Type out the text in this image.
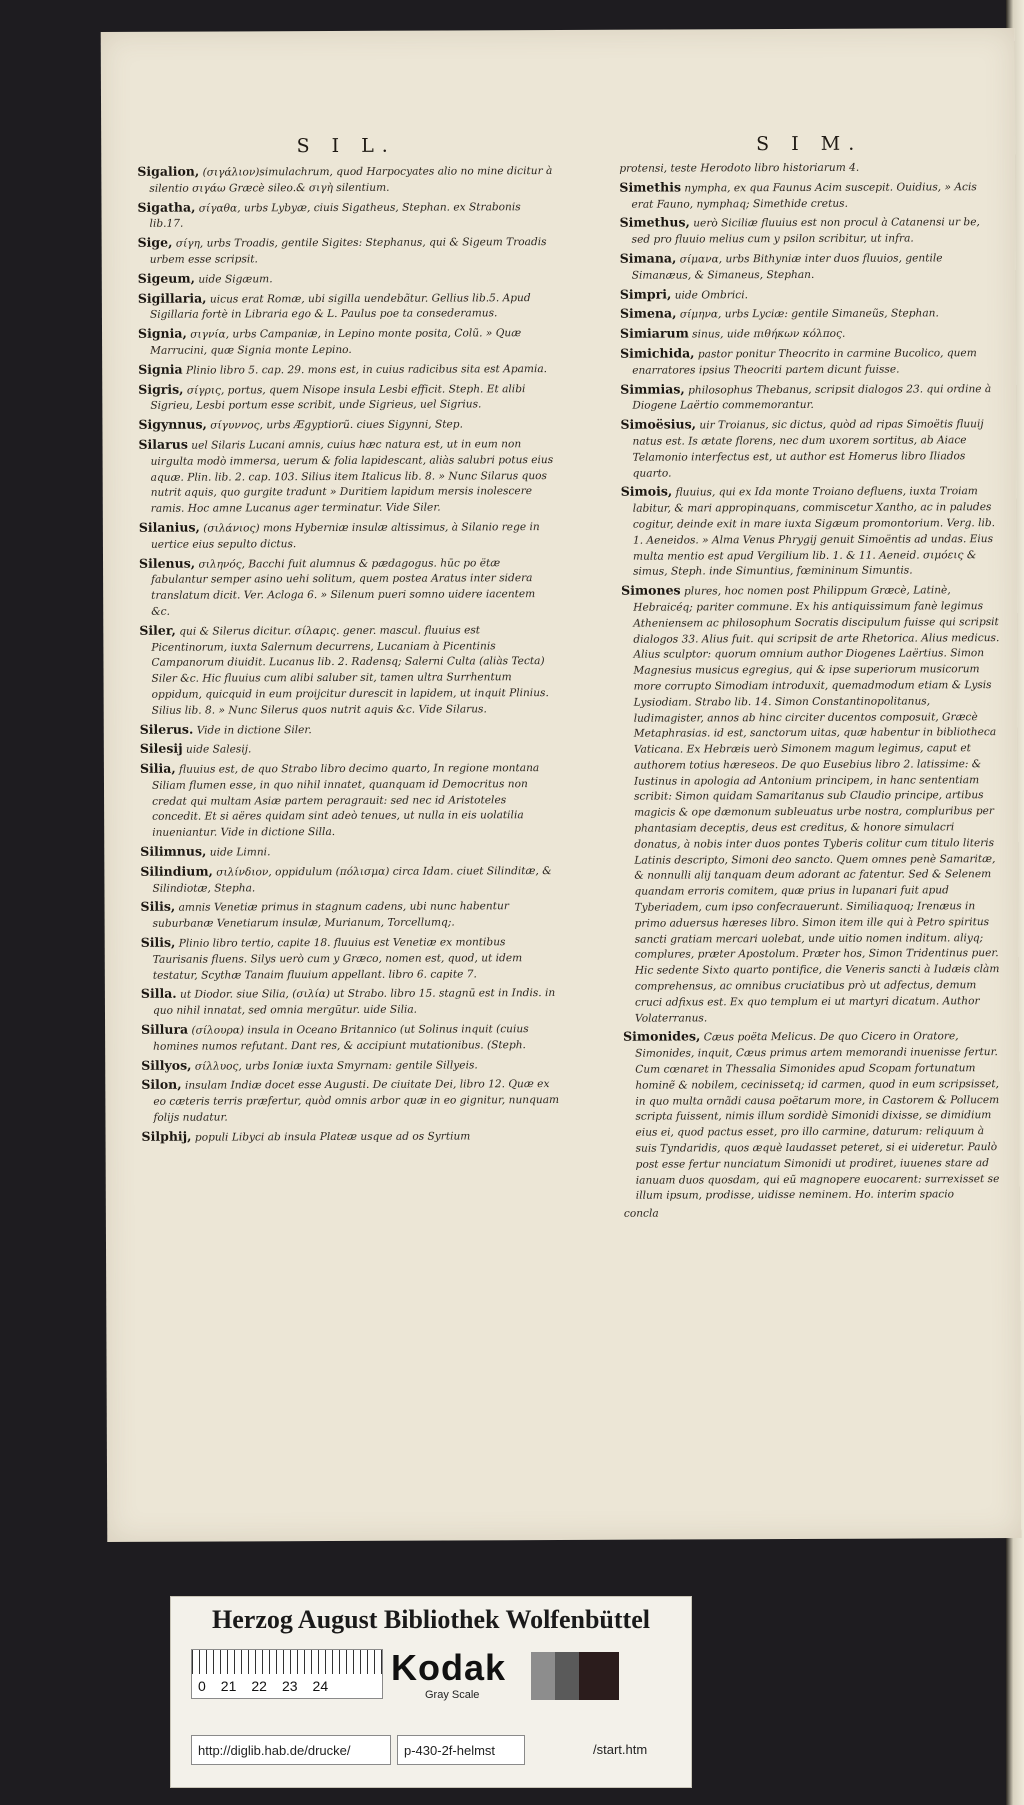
S I L.

Sigalion, (σιγάλιον)simulachrum, quod Harpocyates alio no mine dicitur à silentio σιγάω Græcè sileo.& σιγὴ silentium.

Sigatha, σίγαθα, urbs Lybyæ, ciuis Sigatheus, Stephan. ex Strabonis lib.17.

Sige, σίγη, urbs Troadis, gentile Sigites: Stephanus, qui & Sigeum Troadis urbem esse scripsit.

Sigeum, uide Sigæum.

Sigillaria, uicus erat Romæ, ubi sigilla uendebãtur. Gellius lib.5. Apud Sigillaria fortè in Libraria ego & L. Paulus poe ta consederamus.

Signia, σιγνία, urbs Campaniæ, in Lepino monte posita, Colũ. » Quæ Marrucini, quæ Signia monte Lepino.

Signia Plinio libro 5. cap. 29. mons est, in cuius radicibus sita est Apamia.

Sigris, σίγρις, portus, quem Nisope insula Lesbi efficit. Steph. Et alibi Sigrieu, Lesbi portum esse scribit, unde Sigrieus, uel Sigrius.

Sigynnus, σίγυννος, urbs Ægyptiorũ. ciues Sigynni, Step.

Silarus uel Silaris Lucani amnis, cuius hæc natura est, ut in eum non uirgulta modò immersa, uerum & folia lapidescant, aliàs salubri potus eius aquæ. Plin. lib. 2. cap. 103. Silius item Italicus lib. 8. » Nunc Silarus quos nutrit aquis, quo gurgite tradunt » Duritiem lapidum mersis inolescere ramis. Hoc amne Lucanus ager terminatur. Vide Siler.

Silanius, (σιλάνιος) mons Hyberniæ insulæ altissimus, à Silanio rege in uertice eius sepulto dictus.

Silenus, σιληνός, Bacchi fuit alumnus & pædagogus. hūc po ëtæ fabulantur semper asino uehi solitum, quem postea Aratus inter sidera translatum dicit. Ver. Acloga 6. » Silenum pueri somno uidere iacentem &c.

Siler, qui & Silerus dicitur. σίλαρις. gener. mascul. fluuius est Picentinorum, iuxta Salernum decurrens, Lucaniam à Picentinis Campanorum diuidit. Lucanus lib. 2. Radensq; Salerni Culta (aliàs Tecta) Siler &c. Hic fluuius cum alibi saluber sit, tamen ultra Surrhentum oppidum, quicquid in eum proijcitur durescit in lapidem, ut inquit Plinius. Silius lib. 8. » Nunc Silerus quos nutrit aquis &c. Vide Silarus.

Silerus. Vide in dictione Siler.

Silesij uide Salesij.

Silia, fluuius est, de quo Strabo libro decimo quarto, In regione montana Siliam flumen esse, in quo nihil innatet, quanquam id Democritus non credat qui multam Asiæ partem peragrauit: sed nec id Aristoteles concedit. Et si aëres quidam sint adeò tenues, ut nulla in eis uolatilia inueniantur. Vide in dictione Silla.

Silimnus, uide Limni.

Silindium, σιλίνδιον, oppidulum (πόλισμα) circa Idam. ciuet Silinditæ, & Silindiotæ, Stepha.

Silis, amnis Venetiæ primus in stagnum cadens, ubi nunc habentur suburbanæ Venetiarum insulæ, Murianum, Torcellumq;.

Silis, Plinio libro tertio, capite 18. fluuius est Venetiæ ex montibus Taurisanis fluens. Silys uerò cum y Græco, nomen est, quod, ut idem testatur, Scythæ Tanaim fluuium appellant. libro 6. capite 7.

Silla. ut Diodor. siue Silia, (σιλία) ut Strabo. libro 15. stagnū est in Indis. in quo nihil innatat, sed omnia mergūtur. uide Silia.

Sillura (σίλουρα) insula in Oceano Britannico (ut Solinus inquit (cuius homines numos refutant. Dant res, & accipiunt mutationibus. (Steph.

Sillyos, σίλλυος, urbs Ioniæ iuxta Smyrnam: gentile Sillyeis.

Silon, insulam Indiæ docet esse Augusti. De ciuitate Dei, libro 12. Quæ ex eo cæteris terris præfertur, quòd omnis arbor quæ in eo gignitur, nunquam folijs nudatur.

Silphij, populi Libyci ab insula Plateæ usque ad os Syrtium

S I M.

protensi, teste Herodoto libro historiarum 4.

Simethis nympha, ex qua Faunus Acim suscepit. Ouidius, » Acis erat Fauno, nymphaq; Simethide cretus.

Simethus, uerò Siciliæ fluuius est non procul à Catanensi ur be, sed pro fluuio melius cum y psilon scribitur, ut infra.

Simana, σίμανα, urbs Bithyniæ inter duos fluuios, gentile Simanæus, & Simaneus, Stephan.

Simpri, uide Ombrici.

Simena, σίμηνα, urbs Lyciæ: gentile Simaneũs, Stephan.

Simiarum sinus, uide πιθήκων κόλπος.

Simichida, pastor ponitur Theocrito in carmine Bucolico, quem enarratores ipsius Theocriti partem dicunt fuisse.

Simmias, philosophus Thebanus, scripsit dialogos 23. qui ordine à Diogene Laërtio commemorantur.

Simoësius, uir Troianus, sic dictus, quòd ad ripas Simoëtis fluuij natus est. Is ætate florens, nec dum uxorem sortitus, ab Aiace Telamonio interfectus est, ut author est Homerus libro Iliados quarto.

Simois, fluuius, qui ex Ida monte Troiano defluens, iuxta Troiam labitur, & mari appropinquans, commiscetur Xantho, ac in paludes cogitur, deinde exit in mare iuxta Sigæum promontorium. Verg. lib. 1. Aeneidos. » Alma Venus Phrygij genuit Simoëntis ad undas. Eius multa mentio est apud Vergilium lib. 1. & 11. Aeneid. σιμόεις & simus, Steph. inde Simuntius, fœmininum Simuntis.

Simones plures, hoc nomen post Philippum Græcè, Latinè, Hebraicéq; pariter commune. Ex his antiquissimum fanè legimus Atheniensem ac philosophum Socratis discipulum fuisse qui scripsit dialogos 33. Alius fuit. qui scripsit de arte Rhetorica. Alius medicus. Alius sculptor: quorum omnium author Diogenes Laërtius. Simon Magnesius musicus egregius, qui & ipse superiorum musicorum more corrupto Simodiam introduxit, quemadmodum etiam & Lysis Lysiodiam. Strabo lib. 14. Simon Constantinopolitanus, ludimagister, annos ab hinc circiter ducentos composuit, Græcè Metaphrasias. id est, sanctorum uitas, quæ habentur in bibliotheca Vaticana. Ex Hebræis uerò Simonem magum legimus, caput et authorem totius hæreseos. De quo Eusebius libro 2. latissime: & Iustinus in apologia ad Antonium principem, in hanc sententiam scribit: Simon quidam Samaritanus sub Claudio principe, artibus magicis & ope dæmonum subleuatus urbe nostra, compluribus per phantasiam deceptis, deus est creditus, & honore simulacri donatus, à nobis inter duos pontes Tyberis colitur cum titulo literis Latinis descripto, Simoni deo sancto. Quem omnes penè Samaritæ, & nonnulli alij tanquam deum adorant ac fatentur. Sed & Selenem quandam erroris comitem, quæ prius in lupanari fuit apud Tyberiadem, cum ipso confecrauerunt. Similiaquoq; Irenæus in primo aduersus hæreses libro. Simon item ille qui à Petro spiritus sancti gratiam mercari uolebat, unde uitio nomen inditum. aliyq; complures, præter Apostolum. Præter hos, Simon Tridentinus puer. Hic sedente Sixto quarto pontifice, die Veneris sancti à Iudæis clàm comprehensus, ac omnibus cruciatibus prò ut adfectus, demum cruci adfixus est. Ex quo templum ei ut martyri dicatum. Author Volaterranus.

Simonides, Cæus poëta Melicus. De quo Cicero in Oratore, Simonides, inquit, Cæus primus artem memorandi inuenisse fertur. Cum cœnaret in Thessalia Simonides apud Scopam fortunatum hominẽ & nobilem, cecinissetq; id carmen, quod in eum scripsisset, in quo multa ornãdi causa poëtarum more, in Castorem & Pollucem scripta fuissent, nimis illum sordidè Simonidi dixisse, se dimidium eius ei, quod pactus esset, pro illo carmine, daturum: reliquum à suis Tyndaridis, quos æquè laudasset peteret, si ei uideretur. Paulò post esse fertur nunciatum Simonidi ut prodiret, iuuenes stare ad ianuam duos quosdam, qui eũ magnopere euocarent: surrexisset se illum ipsum, prodisse, uidisse neminem. Ho. interim spacio

concla

Herzog August Bibliothek Wolfenbüttel
0 21 22 23 24 Kodak
Gray Scale
http://diglib.hab.de/drucke/	p-430-2f-helmst	/start.htm
